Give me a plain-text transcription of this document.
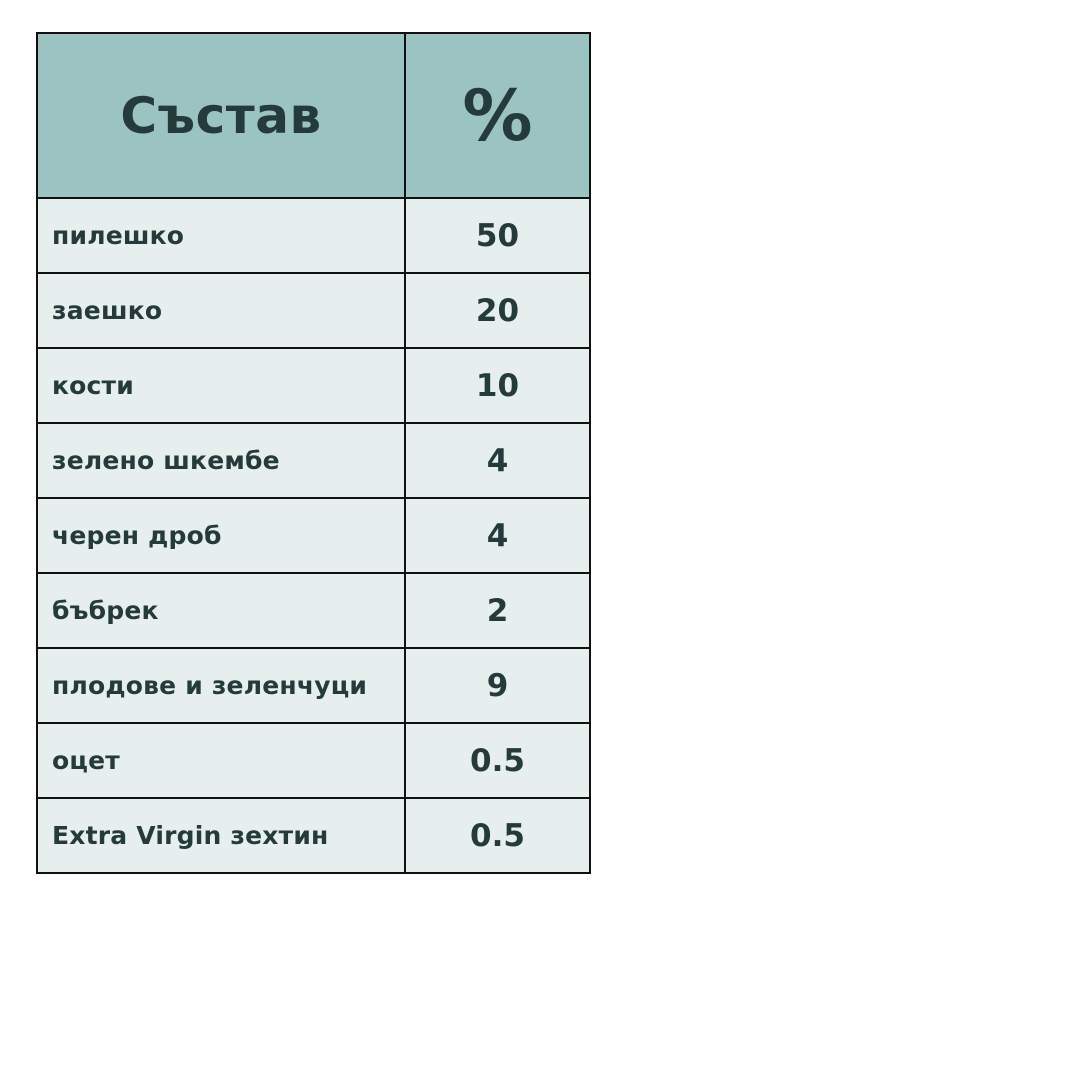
Състав	%
пилешко	50
заешко	20
кости	10
зелено шкембе	4
черен дроб	4
бъбрек	2
плодове и зеленчуци	9
оцет	0.5
Extra Virgin зехтин	0.5
